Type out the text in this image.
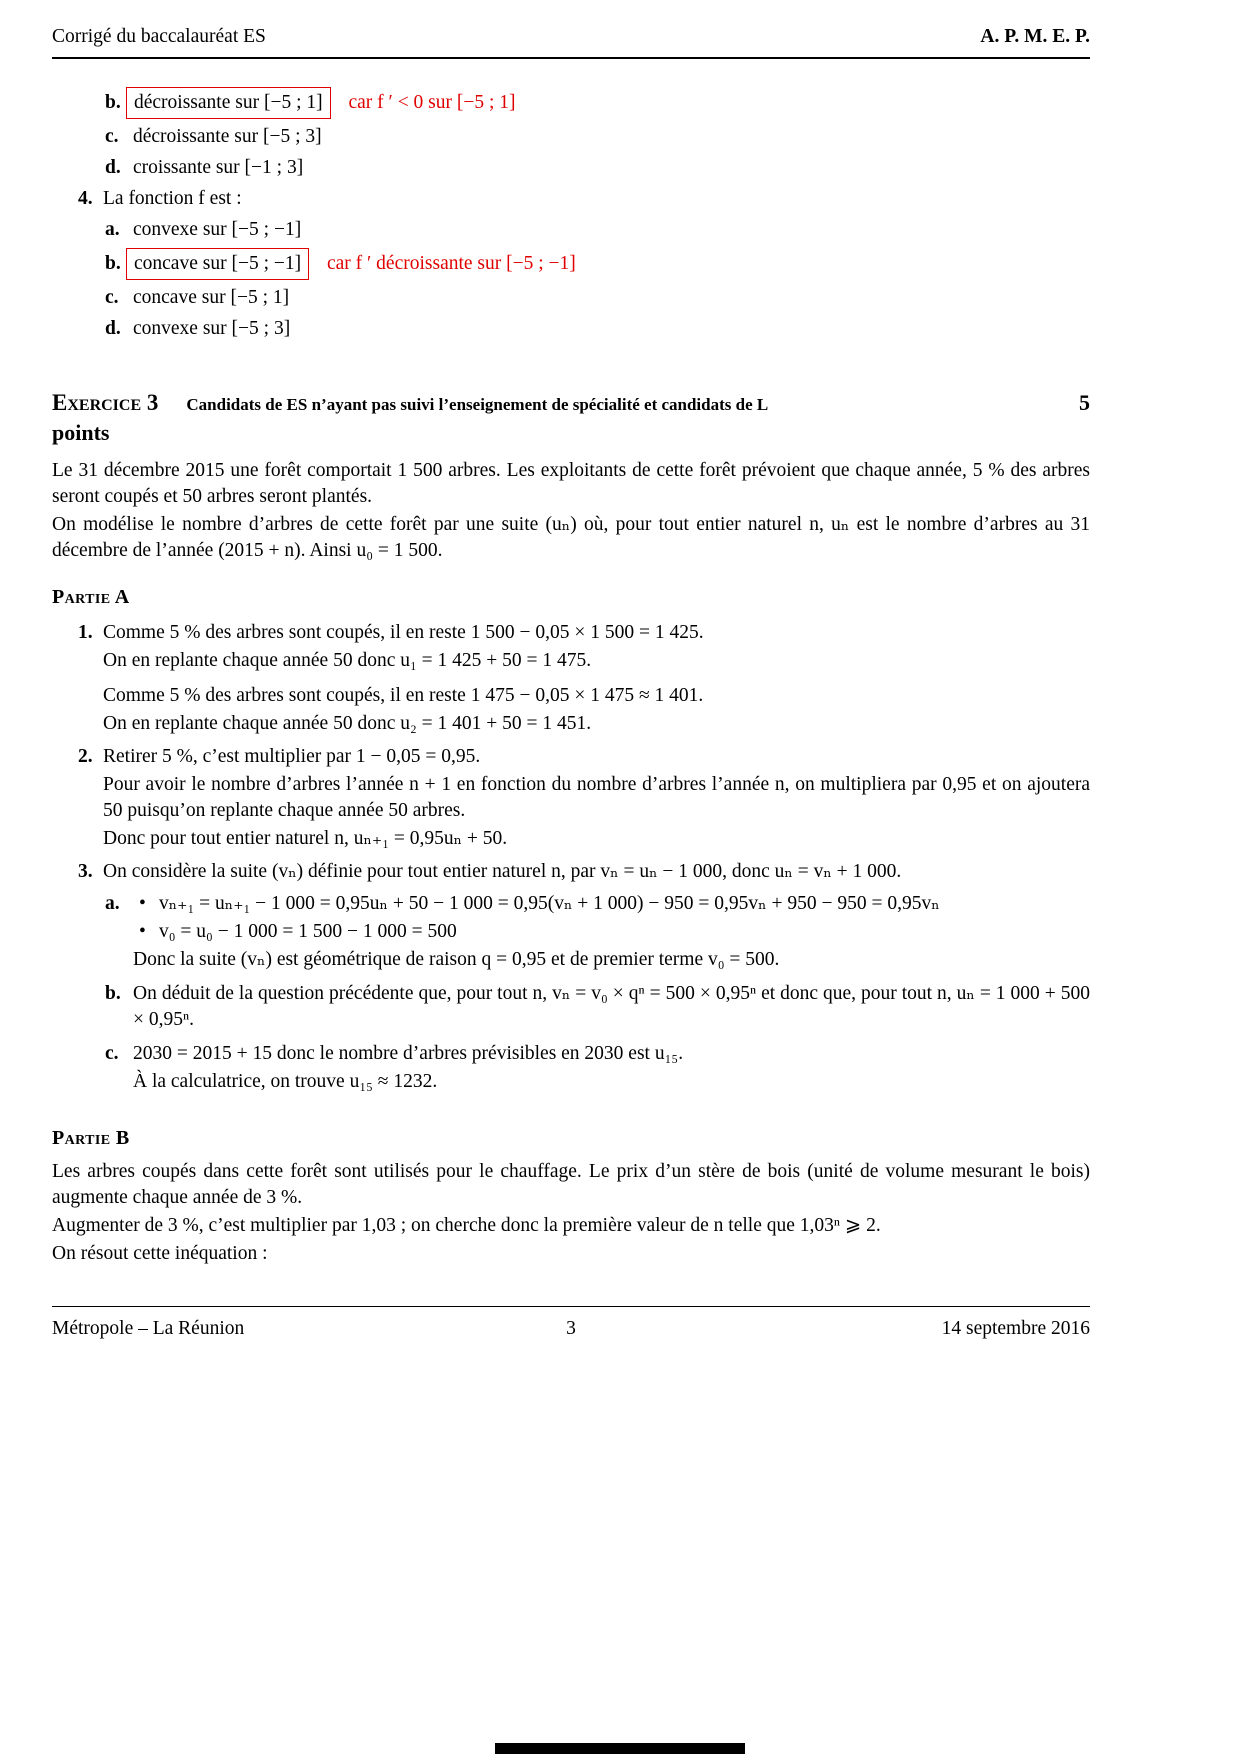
Corrigé du baccalauréat ES	A. P. M. E. P.
b. décroissante sur [−5 ; 1] car f ′ < 0 sur [−5 ; 1]
c. décroissante sur [−5 ; 3]
d. croissante sur [−1 ; 3]
4. La fonction f est :
a. convexe sur [−5 ; −1]
b. concave sur [−5 ; −1] car f ′ décroissante sur [−5 ; −1]
c. concave sur [−5 ; 1]
d. convexe sur [−5 ; 3]
Exercice 3 Candidats de ES n’ayant pas suivi l’enseignement de spécialité et candidats de L	5
points

Le 31 décembre 2015 une forêt comportait 1 500 arbres. Les exploitants de cette forêt prévoient que chaque année, 5 % des arbres seront coupés et 50 arbres seront plantés.

On modélise le nombre d’arbres de cette forêt par une suite (uₙ) où, pour tout entier naturel n, uₙ est le nombre d’arbres au 31 décembre de l’année (2015 + n). Ainsi u₀ = 1 500.

Partie A
1. Comme 5 % des arbres sont coupés, il en reste 1 500 − 0,05 × 1 500 = 1 425.

On en replante chaque année 50 donc u₁ = 1 425 + 50 = 1 475.

Comme 5 % des arbres sont coupés, il en reste 1 475 − 0,05 × 1 475 ≈ 1 401.

On en replante chaque année 50 donc u₂ = 1 401 + 50 = 1 451.

2. Retirer 5 %, c’est multiplier par 1 − 0,05 = 0,95.

Pour avoir le nombre d’arbres l’année n + 1 en fonction du nombre d’arbres l’année n, on multipliera par 0,95 et on ajoutera 50 puisqu’on replante chaque année 50 arbres.

Donc pour tout entier naturel n, uₙ₊₁ = 0,95uₙ + 50.

3. On considère la suite (vₙ) définie pour tout entier naturel n, par vₙ = uₙ − 1 000, donc uₙ = vₙ + 1 000.

a. • vₙ₊₁ = uₙ₊₁ − 1 000 = 0,95uₙ + 50 − 1 000 = 0,95(vₙ + 1 000) − 950 = 0,95vₙ + 950 − 950 = 0,95vₙ

• v₀ = u₀ − 1 000 = 1 500 − 1 000 = 500

Donc la suite (vₙ) est géométrique de raison q = 0,95 et de premier terme v₀ = 500.

b. On déduit de la question précédente que, pour tout n, vₙ = v₀ × qⁿ = 500 × 0,95ⁿ et donc que, pour tout n, uₙ = 1 000 + 500 × 0,95ⁿ.

c. 2030 = 2015 + 15 donc le nombre d’arbres prévisibles en 2030 est u₁₅.

À la calculatrice, on trouve u₁₅ ≈ 1232.

Partie B

Les arbres coupés dans cette forêt sont utilisés pour le chauffage. Le prix d’un stère de bois (unité de volume mesurant le bois) augmente chaque année de 3 %.

Augmenter de 3 %, c’est multiplier par 1,03 ; on cherche donc la première valeur de n telle que 1,03ⁿ ⩾ 2.

On résout cette inéquation :

Métropole – La Réunion	3	14 septembre 2016
